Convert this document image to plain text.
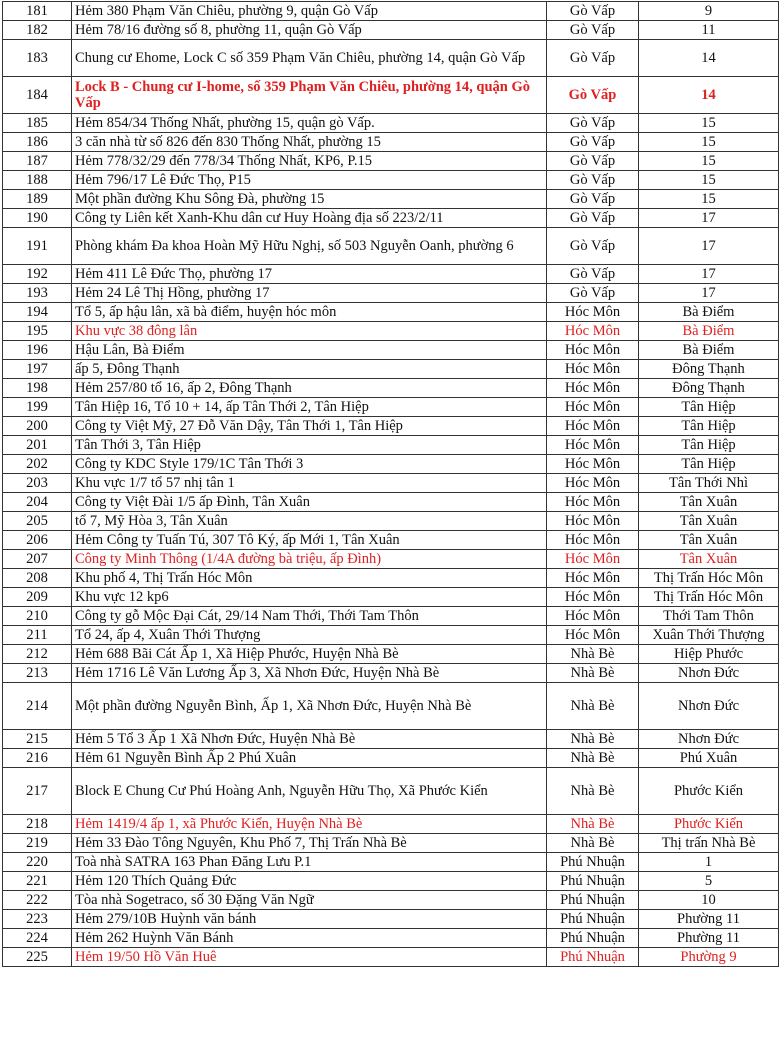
181	Hẻm 380 Phạm Văn Chiêu, phường 9, quận Gò Vấp	Gò Vấp	9
182	Hẻm 78/16 đường số 8, phường 11, quận Gò Vấp	Gò Vấp	11
183	Chung cư Ehome, Lock C số 359 Phạm Văn Chiêu, phường 14, quận Gò Vấp	Gò Vấp	14
184	Lock B - Chung cư I-home, số 359 Phạm Văn Chiêu, phường 14, quận Gò Vấp	Gò Vấp	14
185	Hẻm 854/34 Thống Nhất, phường 15, quận gò Vấp.	Gò Vấp	15
186	3 căn nhà từ số 826 đến 830 Thống Nhất, phường 15	Gò Vấp	15
187	Hẻm 778/32/29 đến 778/34 Thống Nhất, KP6, P.15	Gò Vấp	15
188	Hẻm 796/17 Lê Đức Thọ, P15	Gò Vấp	15
189	Một phần đường Khu Sông Đà, phường 15	Gò Vấp	15
190	Công ty Liên kết Xanh-Khu dân cư Huy Hoàng địa số 223/2/11	Gò Vấp	17
191	Phòng khám Đa khoa Hoàn Mỹ Hữu Nghị, số 503 Nguyễn Oanh, phường 6	Gò Vấp	17
192	Hẻm 411 Lê Đức Thọ, phường 17	Gò Vấp	17
193	Hẻm 24 Lê Thị Hồng, phường 17	Gò Vấp	17
194	Tổ 5, ấp hậu lân, xã bà điểm, huyện hóc môn	Hóc Môn	Bà Điểm
195	Khu vực 38 đông lân	Hóc Môn	Bà Điểm
196	Hậu Lân, Bà Điểm	Hóc Môn	Bà Điểm
197	ấp 5, Đông Thạnh	Hóc Môn	Đông Thạnh
198	Hẻm 257/80 tổ 16, ấp 2, Đông Thạnh	Hóc Môn	Đông Thạnh
199	Tân Hiệp 16, Tổ 10 + 14, ấp Tân Thới 2, Tân Hiệp	Hóc Môn	Tân Hiệp
200	Công ty Việt Mỹ, 27 Đỗ Văn Dậy, Tân Thới 1, Tân Hiệp	Hóc Môn	Tân Hiệp
201	Tân Thới 3, Tân Hiệp	Hóc Môn	Tân Hiệp
202	Công ty KDC Style 179/1C Tân Thới 3	Hóc Môn	Tân Hiệp
203	Khu vực 1/7 tổ 57 nhị tân 1	Hóc Môn	Tân Thới Nhì
204	Công ty Việt Đài 1/5 ấp Đình, Tân Xuân	Hóc Môn	Tân Xuân
205	tổ 7, Mỹ Hòa 3, Tân Xuân	Hóc Môn	Tân Xuân
206	Hẻm Công ty Tuấn Tú, 307 Tô Ký, ấp Mới 1, Tân Xuân	Hóc Môn	Tân Xuân
207	Công ty Minh Thông (1/4A đường bà triệu, ấp Đình)	Hóc Môn	Tân Xuân
208	Khu phố 4, Thị Trấn Hóc Môn	Hóc Môn	Thị Trấn Hóc Môn
209	Khu vực 12 kp6	Hóc Môn	Thị Trấn Hóc Môn
210	Công ty gỗ Mộc Đại Cát, 29/14 Nam Thới, Thới Tam Thôn	Hóc Môn	Thới Tam Thôn
211	Tổ 24, ấp 4, Xuân Thới Thượng	Hóc Môn	Xuân Thới Thượng
212	Hẻm 688 Bãi Cát Ấp 1, Xã Hiệp Phước, Huyện Nhà Bè	Nhà Bè	Hiệp Phước
213	Hẻm 1716 Lê Văn Lương Ấp 3, Xã Nhơn Đức, Huyện Nhà Bè	Nhà Bè	Nhơn Đức
214	Một phần đường Nguyễn Bình, Ấp 1, Xã Nhơn Đức, Huyện Nhà Bè	Nhà Bè	Nhơn Đức
215	Hẻm 5 Tổ 3 Ấp 1 Xã Nhơn Đức, Huyện Nhà Bè	Nhà Bè	Nhơn Đức
216	Hẻm 61 Nguyễn Bình Ấp 2 Phú Xuân	Nhà Bè	Phú Xuân
217	Block E Chung Cư Phú Hoàng Anh, Nguyễn Hữu Thọ, Xã Phước Kiển	Nhà Bè	Phước Kiển
218	Hẻm 1419/4 ấp 1, xã Phước Kiển, Huyện Nhà Bè	Nhà Bè	Phước Kiển
219	Hẻm 33 Đào Tông Nguyên, Khu Phố 7, Thị Trấn Nhà Bè	Nhà Bè	Thị trấn Nhà Bè
220	Toà nhà SATRA 163 Phan Đăng Lưu P.1	Phú Nhuận	1
221	Hẻm 120 Thích Quảng Đức	Phú Nhuận	5
222	Tòa nhà Sogetraco, số 30 Đặng Văn Ngữ	Phú Nhuận	10
223	Hẻm 279/10B Huỳnh văn bánh	Phú Nhuận	Phường 11
224	Hẻm 262 Huỳnh Văn Bánh	Phú Nhuận	Phường 11
225	Hẻm 19/50 Hồ Văn Huê	Phú Nhuận	Phường 9
